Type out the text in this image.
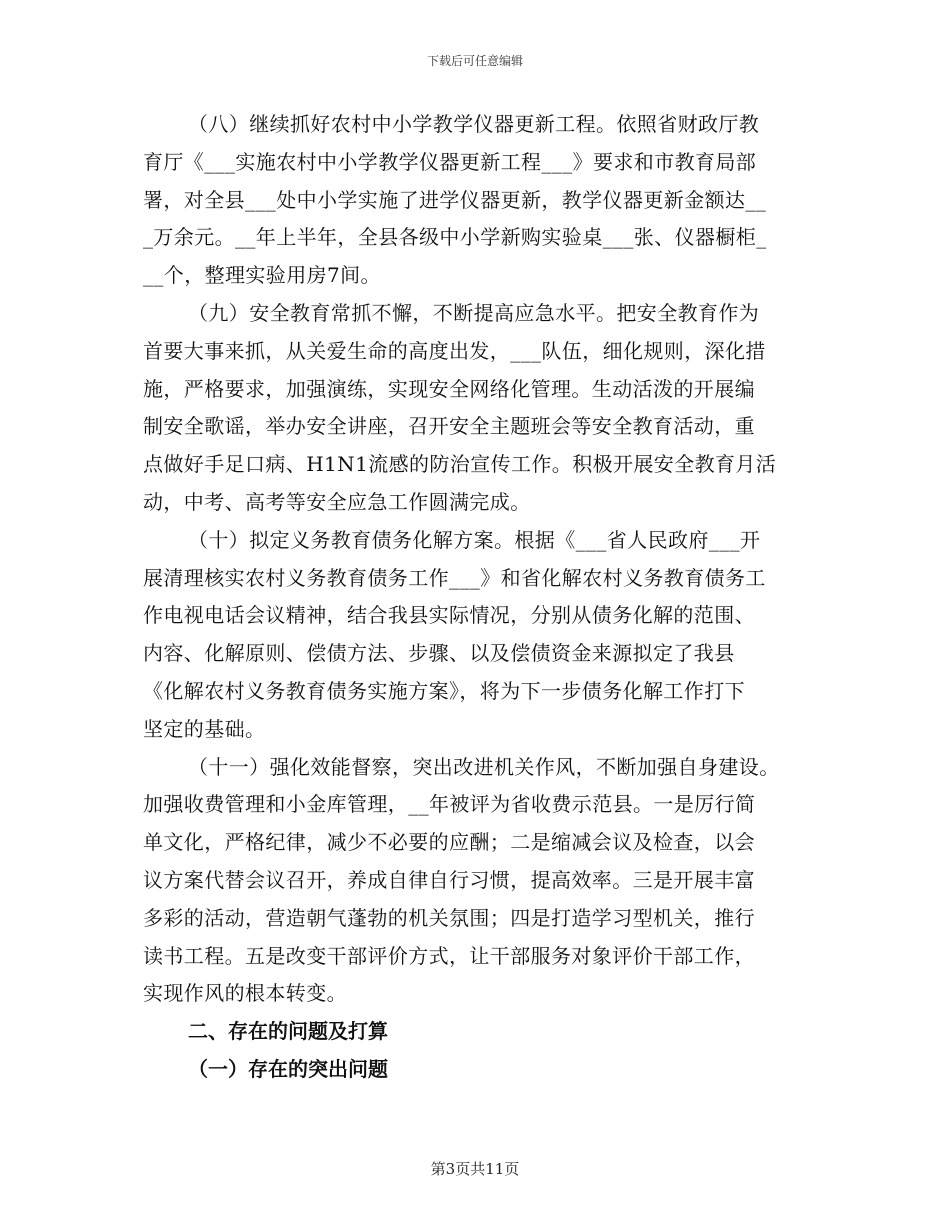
下载后可任意编辑

（八）继续抓好农村中小学教学仪器更新工程。依照省财政厅教

育厅《___实施农村中小学教学仪器更新工程___》要求和市教育局部

署，对全县___处中小学实施了进学仪器更新，教学仪器更新金额达__

_万余元。__年上半年，全县各级中小学新购实验桌___张、仪器橱柜_

__个，整理实验用房7间。

（九）安全教育常抓不懈，不断提高应急水平。把安全教育作为

首要大事来抓，从关爱生命的高度出发，___队伍，细化规则，深化措

施，严格要求，加强演练，实现安全网络化管理。生动活泼的开展编

制安全歌谣，举办安全讲座，召开安全主题班会等安全教育活动，重

点做好手足口病、H1N1流感的防治宣传工作。积极开展安全教育月活

动，中考、高考等安全应急工作圆满完成。

（十）拟定义务教育债务化解方案。根据《___省人民政府___开

展清理核实农村义务教育债务工作___》和省化解农村义务教育债务工

作电视电话会议精神，结合我县实际情况，分别从债务化解的范围、

内容、化解原则、偿债方法、步骤、以及偿债资金来源拟定了我县

《化解农村义务教育债务实施方案》，将为下一步债务化解工作打下

坚定的基础。

（十一）强化效能督察，突出改进机关作风，不断加强自身建设。

加强收费管理和小金库管理，__年被评为省收费示范县。一是厉行简

单文化，严格纪律，减少不必要的应酬；二是缩减会议及检查，以会

议方案代替会议召开，养成自律自行习惯，提高效率。三是开展丰富

多彩的活动，营造朝气蓬勃的机关氛围；四是打造学习型机关，推行

读书工程。五是改变干部评价方式，让干部服务对象评价干部工作，

实现作风的根本转变。

二、存在的问题及打算

（一）存在的突出问题

第3页共11页
